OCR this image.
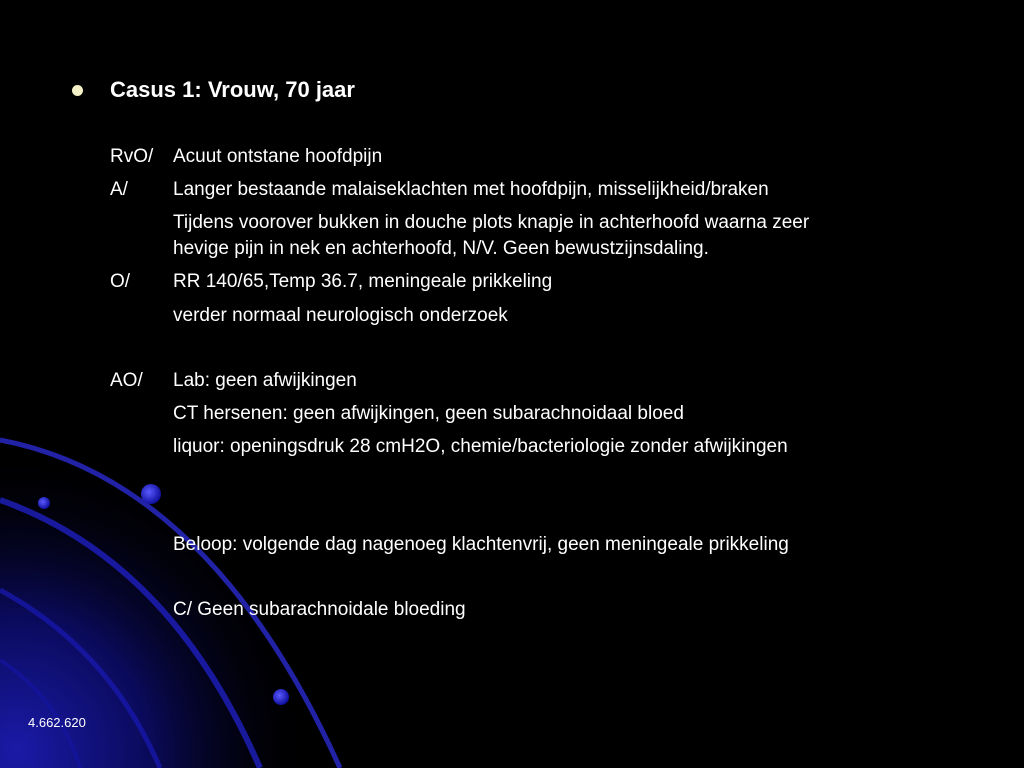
Casus 1: Vrouw, 70 jaar
RvO/ Acuut ontstane hoofdpijn
A/ Langer bestaande malaiseklachten met hoofdpijn, misselijkheid/braken
Tijdens voorover bukken in douche plots knapje in achterhoofd waarna zeer
hevige pijn in nek en achterhoofd, N/V. Geen bewustzijnsdaling.
O/ RR 140/65,Temp 36.7, meningeale prikkeling
verder normaal neurologisch onderzoek
AO/ Lab: geen afwijkingen
CT hersenen: geen afwijkingen, geen subarachnoidaal bloed
liquor: openingsdruk 28 cmH2O, chemie/bacteriologie zonder afwijkingen
Beloop: volgende dag nagenoeg klachtenvrij, geen meningeale prikkeling
C/ Geen subarachnoidale bloeding
4.662.620
